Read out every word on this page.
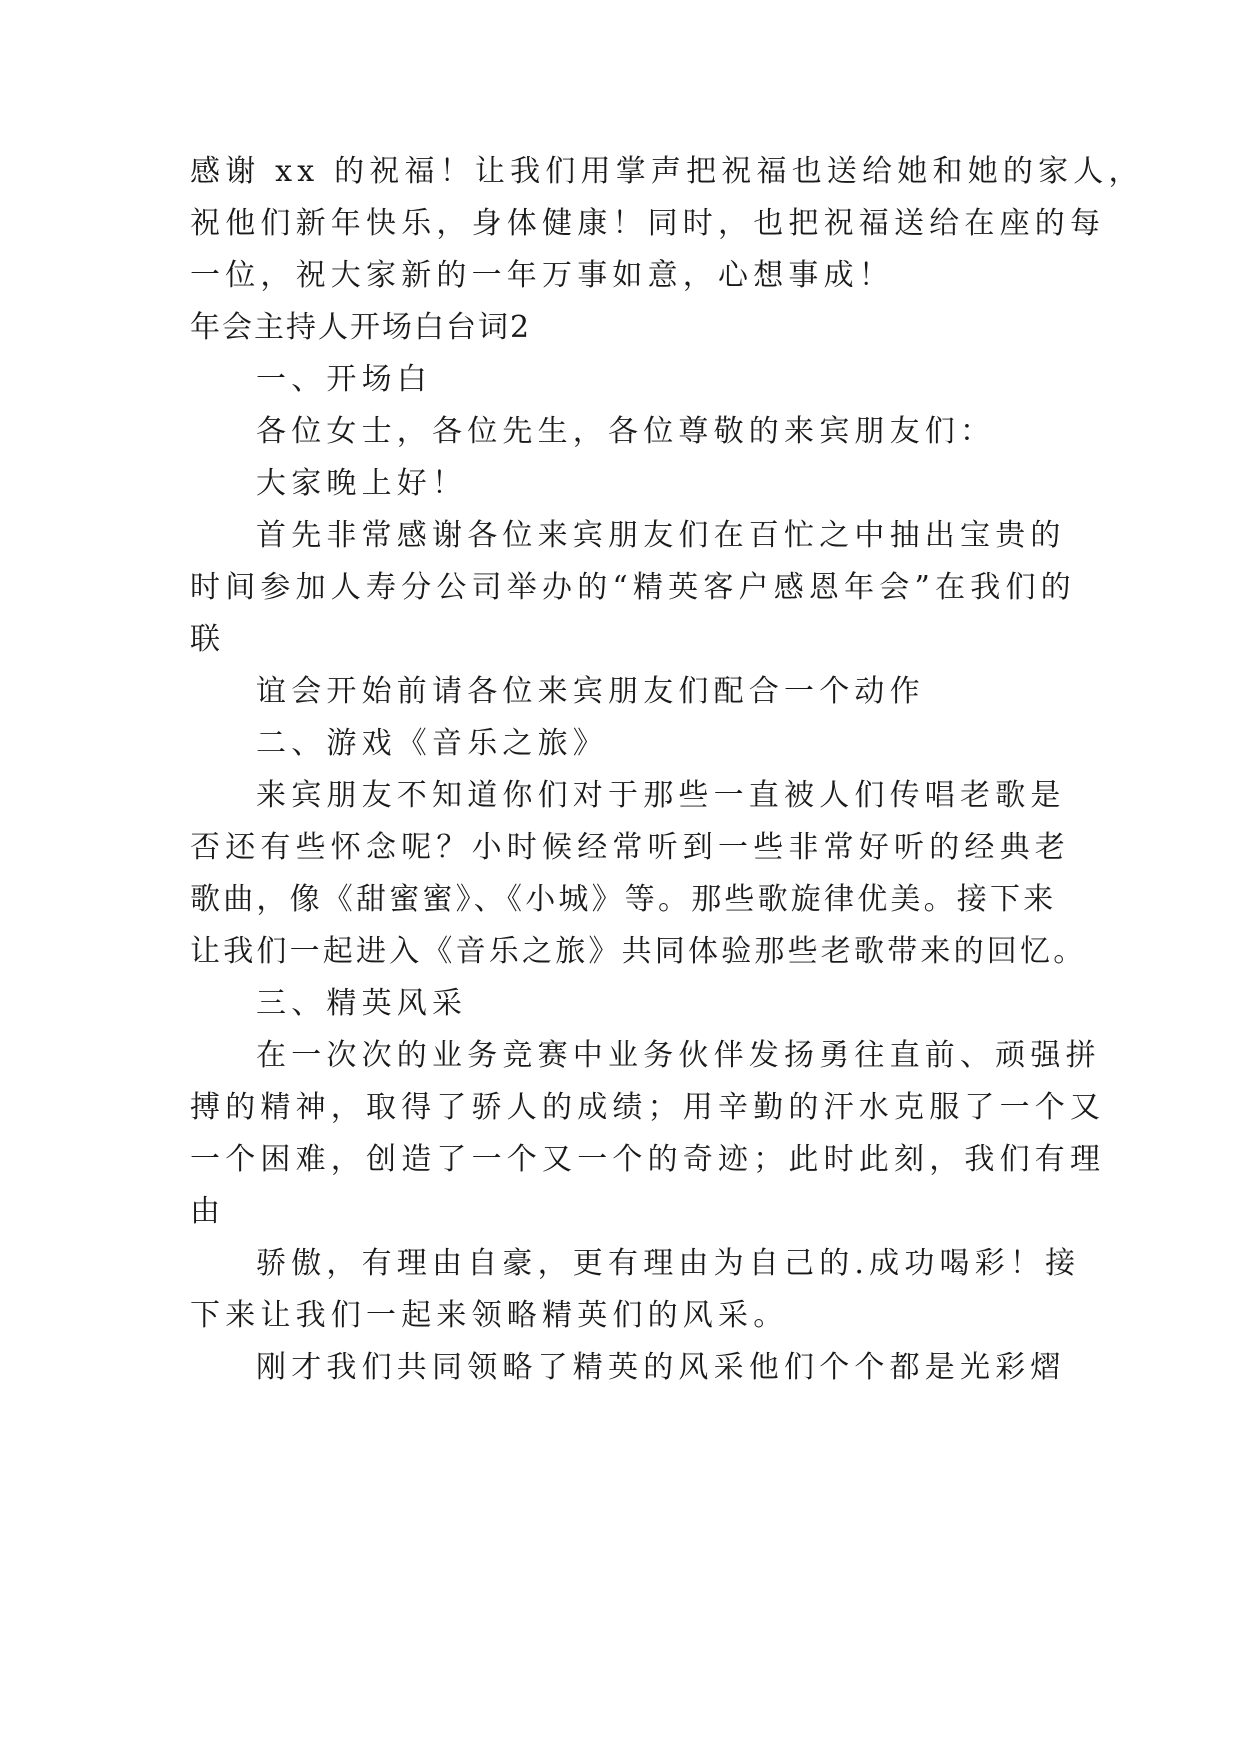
感谢 xx 的祝福！让我们用掌声把祝福也送给她和她的家人，
祝他们新年快乐，身体健康！同时，也把祝福送给在座的每
一位，祝大家新的一年万事如意，心想事成！
年会主持人开场白台词2
一、开场白
各位女士，各位先生，各位尊敬的来宾朋友们：
大家晚上好！
首先非常感谢各位来宾朋友们在百忙之中抽出宝贵的
时间参加人寿分公司举办的“精英客户感恩年会”在我们的
联
谊会开始前请各位来宾朋友们配合一个动作
二、游戏《音乐之旅》
来宾朋友不知道你们对于那些一直被人们传唱老歌是
否还有些怀念呢？小时候经常听到一些非常好听的经典老
歌曲，像《甜蜜蜜》、《小城》等。那些歌旋律优美。接下来
让我们一起进入《音乐之旅》共同体验那些老歌带来的回忆。
三、精英风采
在一次次的业务竞赛中业务伙伴发扬勇往直前、顽强拼
搏的精神，取得了骄人的成绩；用辛勤的汗水克服了一个又
一个困难，创造了一个又一个的奇迹；此时此刻，我们有理
由
骄傲，有理由自豪，更有理由为自己的.成功喝彩！接
下来让我们一起来领略精英们的风采。
刚才我们共同领略了精英的风采他们个个都是光彩熠
